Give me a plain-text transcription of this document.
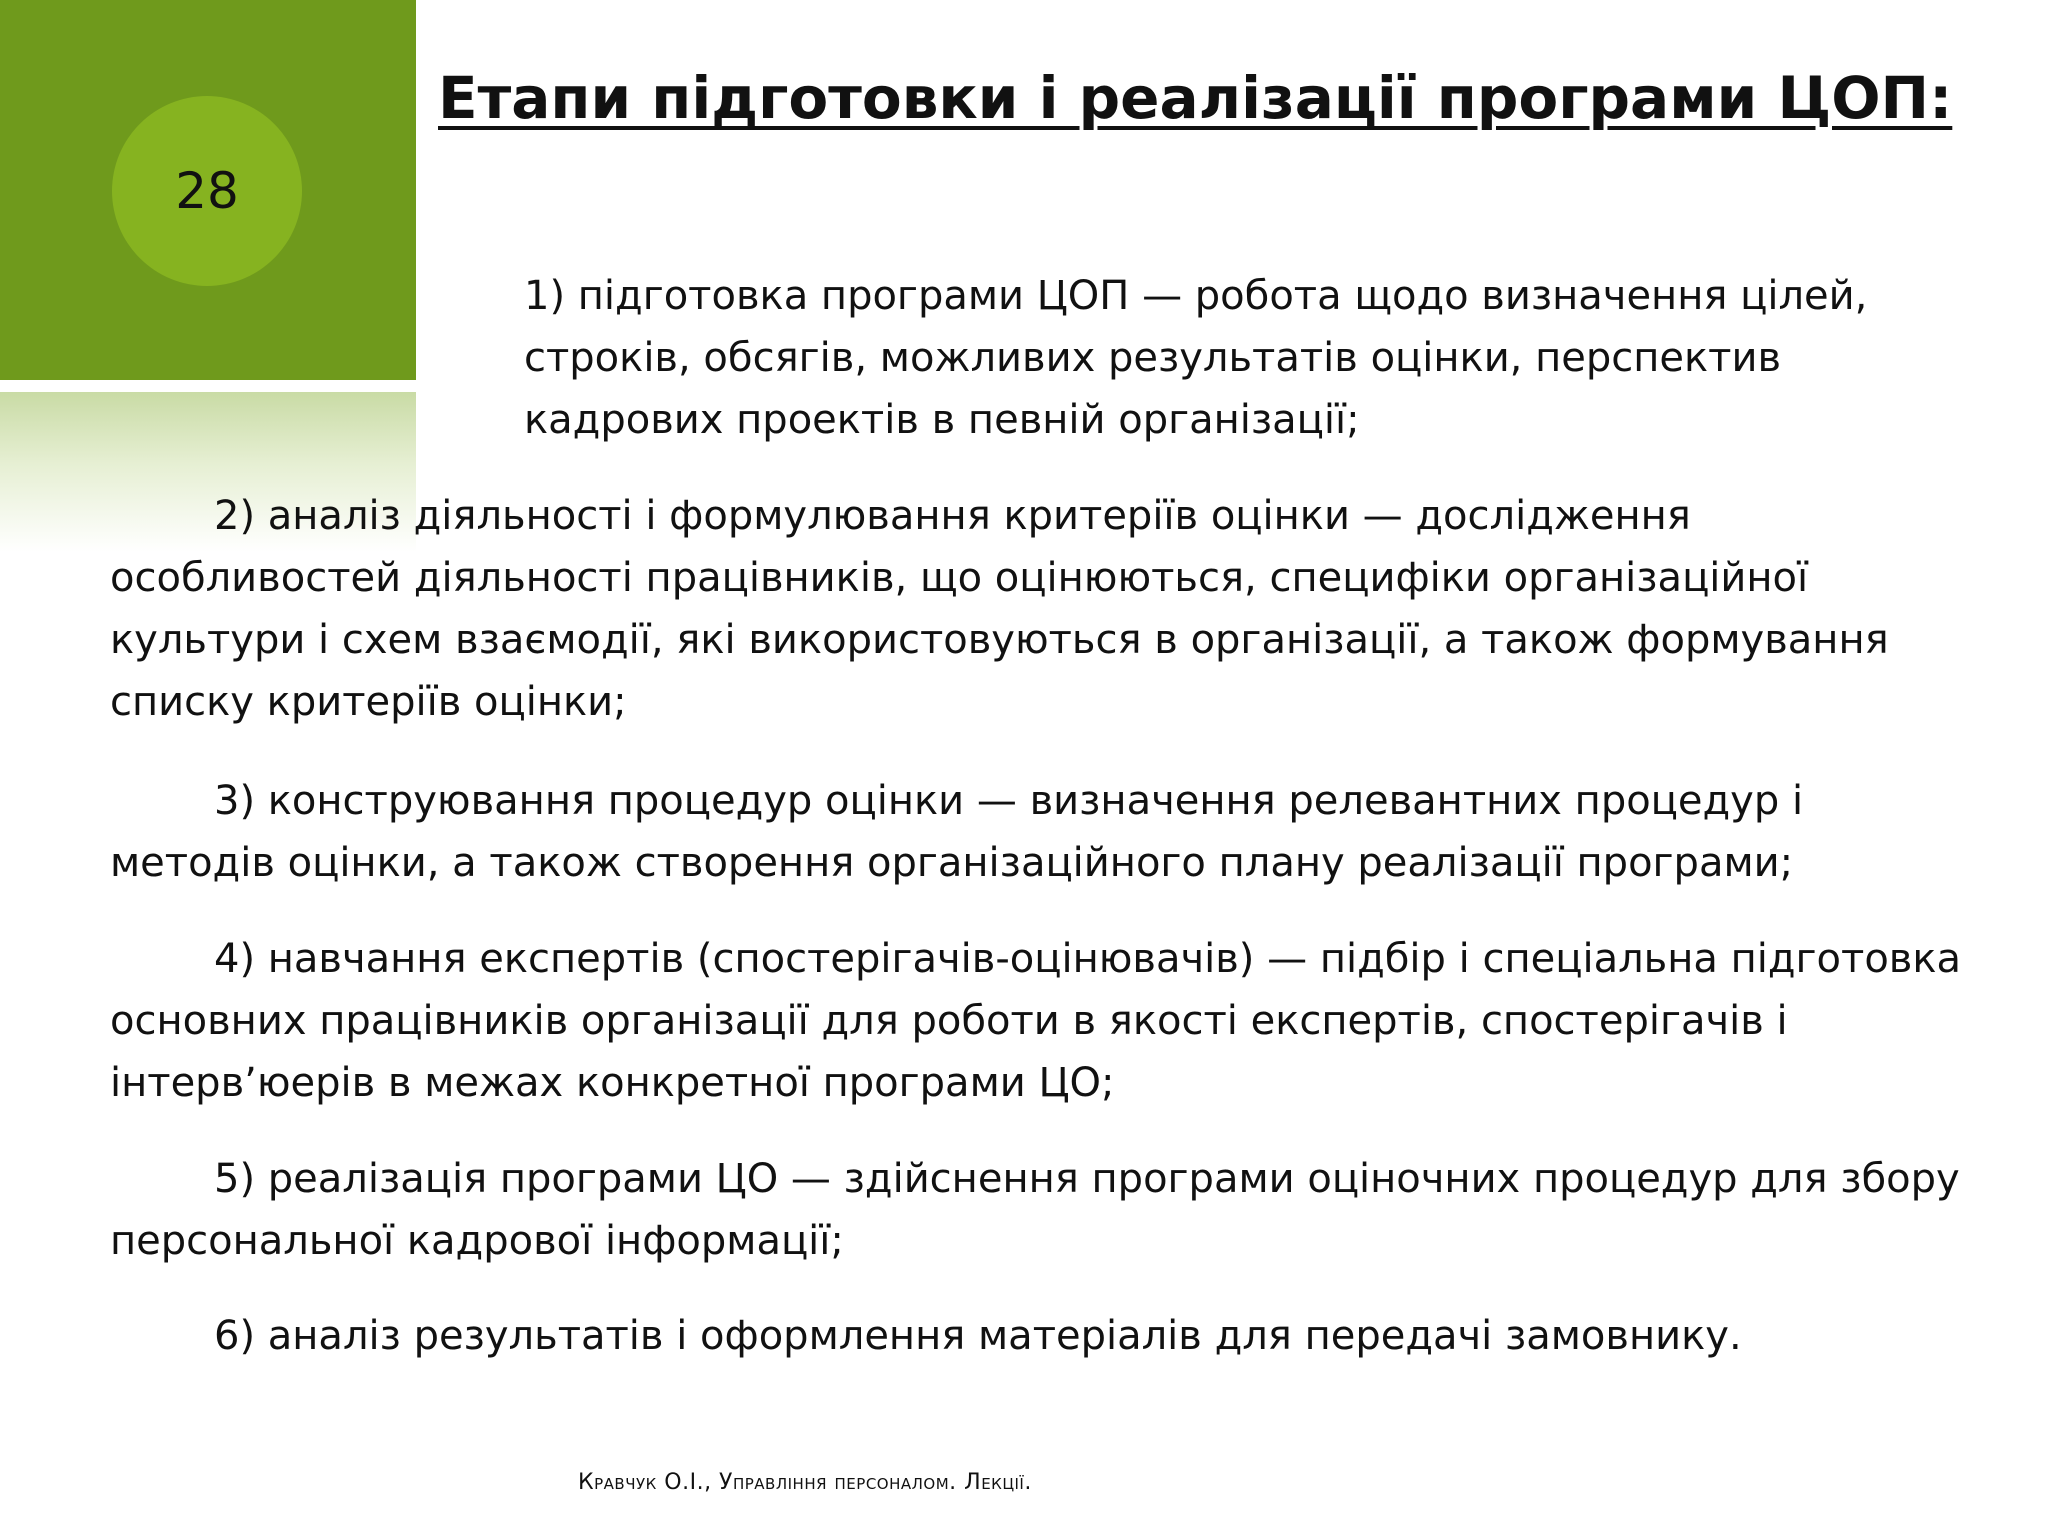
28
Етапи підготовки і реалізації програми ЦОП:

1) підготовка програми ЦОП — робота щодо визначення цілей, строків, обсягів, можливих результатів оцінки, перспектив кадрових проектів в певній організації;

2) аналіз діяльності і формулювання критеріїв оцінки — дослідження особливостей діяльності працівників, що оцінюються, специфіки організаційної культури і схем взаємодії, які використовуються в організації, а також формування списку критеріїв оцінки;

3) конструювання процедур оцінки — визначення релевантних процедур і методів оцінки, а також створення організаційного плану реалізації програми;

4) навчання експертів (спостерігачів-оцінювачів) — підбір і спеціальна підготовка основних працівників організації для роботи в якості експертів, спостерігачів і інтерв’юерів в межах конкретної програми ЦО;

5) реалізація програми ЦО — здійснення програми оціночних процедур для збору персональної кадрової інформації;

6) аналіз результатів і оформлення матеріалів для передачі замовнику.

Кравчук О.І., Управління персоналом. Лекції.
